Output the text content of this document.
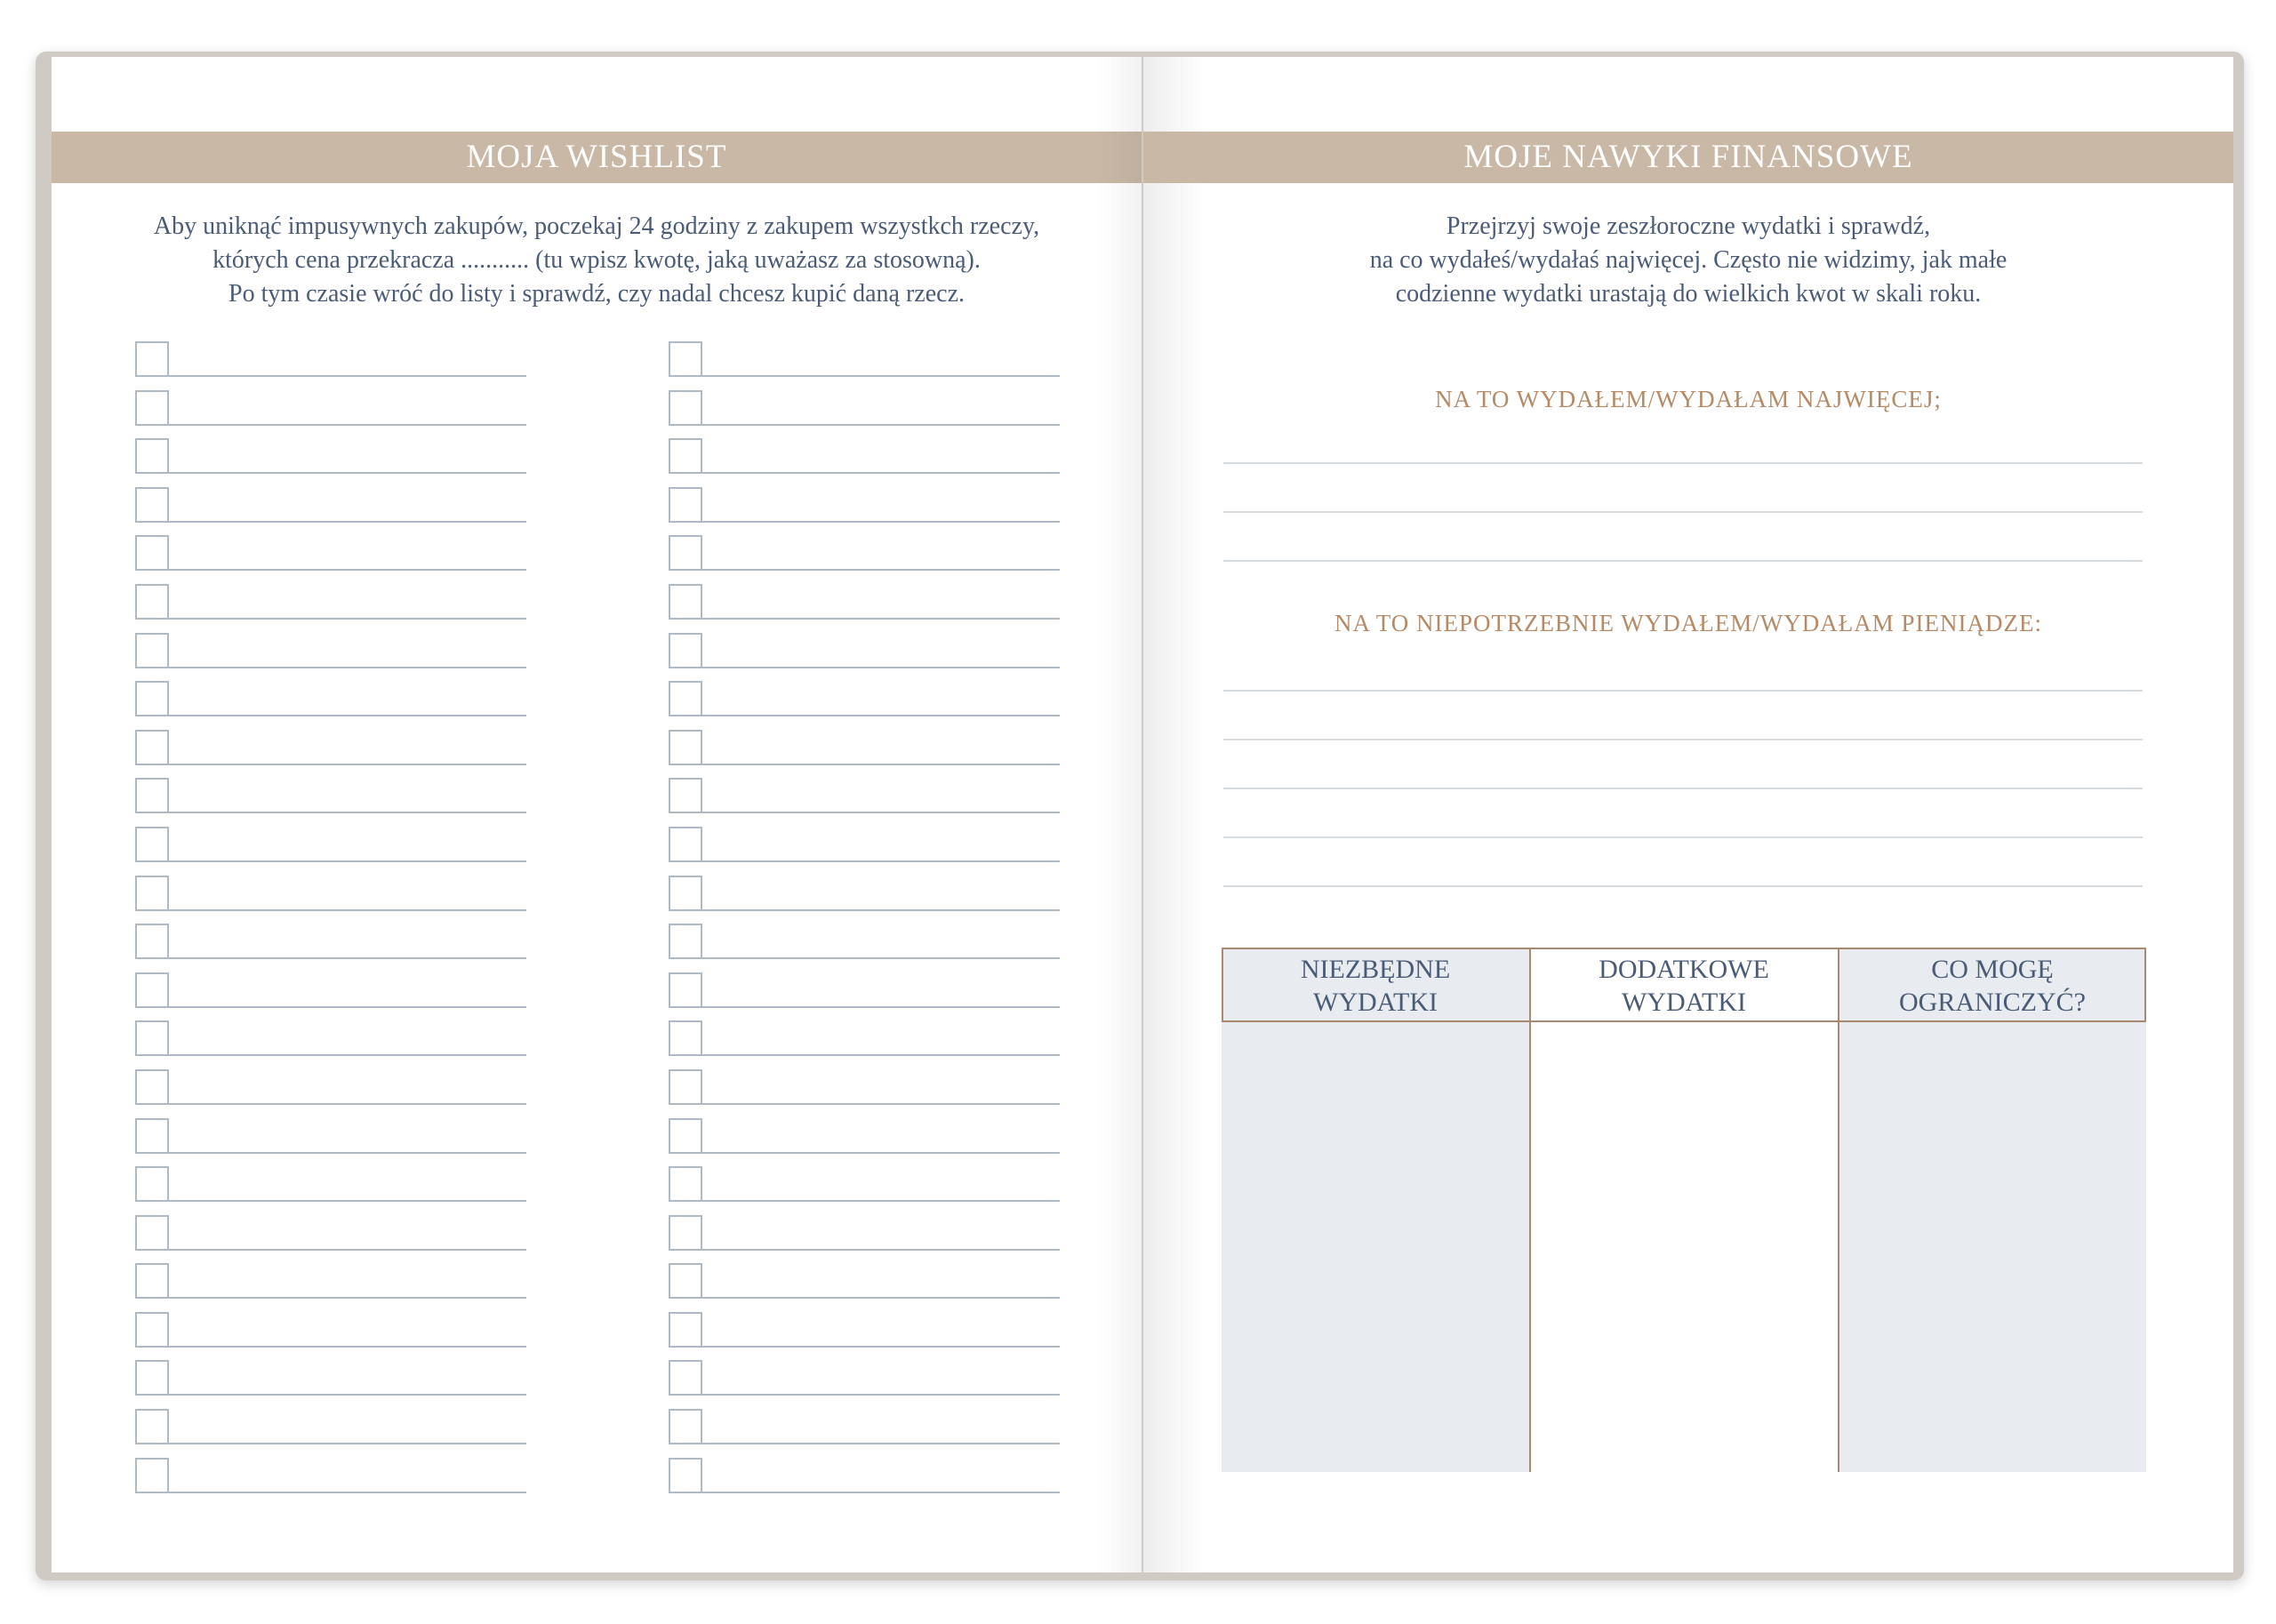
MOJA WISHLIST
Aby uniknąć impusywnych zakupów, poczekaj 24 godziny z zakupem wszystkch rzeczy,
których cena przekracza ........... (tu wpisz kwotę, jaką uważasz za stosowną).
Po tym czasie wróć do listy i sprawdź, czy nadal chcesz kupić daną rzecz.
MOJE NAWYKI FINANSOWE
Przejrzyj swoje zeszłoroczne wydatki i sprawdź,
na co wydałeś/wydałaś najwięcej. Często nie widzimy, jak małe
codzienne wydatki urastają do wielkich kwot w skali roku.
NA TO WYDAŁEM/WYDAŁAM NAJWIĘCEJ;
NA TO NIEPOTRZEBNIE WYDAŁEM/WYDAŁAM PIENIĄDZE:
NIEZBĘDNE
WYDATKI
DODATKOWE
WYDATKI
CO MOGĘ
OGRANICZYĆ?
